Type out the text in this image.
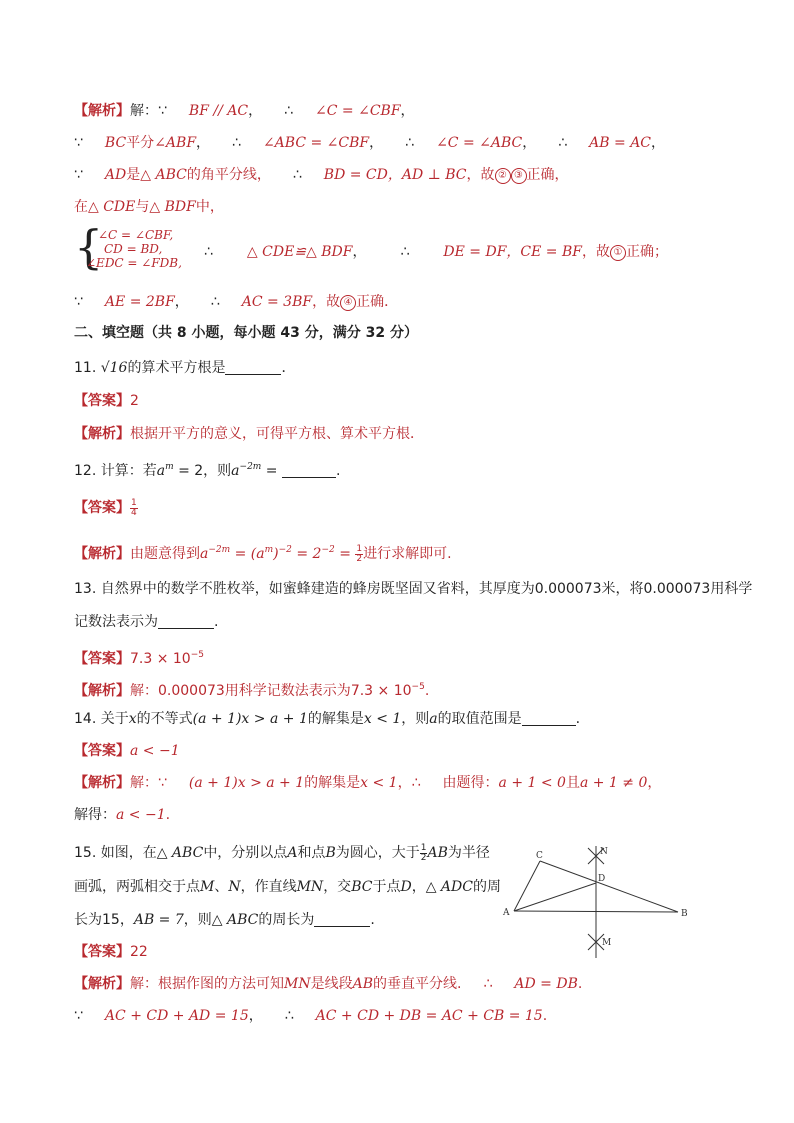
【解析】解：∵ BF // AC， ∴ ∠C = ∠CBF，
∵ BC平分∠ABF， ∴ ∠ABC = ∠CBF， ∴ ∠C = ∠ABC， ∴ AB = AC，
∵ AD是△ ABC的角平分线， ∴ BD = CD，AD ⊥ BC，故 ② ③ 正确，
在△ CDE与△ BDF中，
{
∠C = ∠CBF,
CD = BD,
∠EDC = ∠FDB,
∴ △ CDE≌△ BDF， ∴ DE = DF，CE = BF，故 ① 正确；
∵ AE = 2BF， ∴ AC = 3BF，故 ④ 正确．
二、填空题（共 8 小题，每小题 43 分，满分 32 分）
11. √16的算术平方根是	．
【答案】2
【解析】根据开平方的意义，可得平方根、算术平方根．
12. 计算：若$a^m = 2$，则$a^{-2m}$ =	.
【答案】 $\frac{1}{4}$
【解析】由题意得到$a^{-2m} = (a^m)^{-2} = 2^{-2} = \frac{1}{2}$ 进行求解即可.
13. 自然界中的数学不胜枚举，如蜜蜂建造的蜂房既坚固又省料，其厚度为0.000073米，将0.000073用科学
记数法表示为	.
【答案】$7.3 \times 10^{-5}$
【解析】解：0.000073用科学记数法表示为$7.3 \times 10^{-5}$.
14. 关于x的不等式(a + 1)x > a + 1的解集是x < 1，则a的取值范围是	.
【答案】a < −1
【解析】解：∵ (a + 1)x > a + 1的解集是x < 1，∴ 由题得：a + 1 < 0且a + 1 ≠ 0，
解得：a < −1.
15. 如图，在△ ABC中，分别以点A和点B为圆心，大于 $\frac{1}{2}$ AB为半径
画弧，两弧相交于点M、N，作直线MN，交BC于点D，△ ADC的周
长为15，AB = 7，则△ ABC的周长为	.
【答案】22
【解析】解：根据作图的方法可知MN是线段AB的垂直平分线. ∴ AD = DB.
∵ AC + CD + AD = 15， ∴ AC + CD + DB = AC + CB = 15.
C	N
D
A	B
M
